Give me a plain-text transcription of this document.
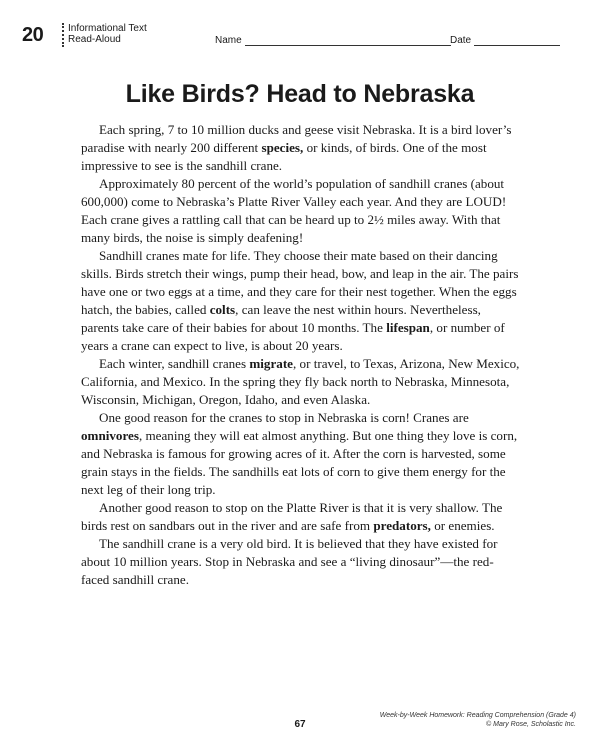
20 Informational Text
Read-Aloud	Name	Date
Like Birds? Head to Nebraska

Each spring, 7 to 10 million ducks and geese visit Nebraska. It is a bird lover’s paradise with nearly 200 different species, or kinds, of birds. One of the most impressive to see is the sandhill crane.

Approximately 80 percent of the world’s population of sandhill cranes (about 600,000) come to Nebraska’s Platte River Valley each year. And they are LOUD! Each crane gives a rattling call that can be heard up to 2½ miles away. With that many birds, the noise is simply deafening!

Sandhill cranes mate for life. They choose their mate based on their dancing skills. Birds stretch their wings, pump their head, bow, and leap in the air. The pairs have one or two eggs at a time, and they care for their nest together. When the eggs hatch, the babies, called colts, can leave the nest within hours. Nevertheless, parents take care of their babies for about 10 months. The lifespan, or number of years a crane can expect to live, is about 20 years.

Each winter, sandhill cranes migrate, or travel, to Texas, Arizona, New Mexico, California, and Mexico. In the spring they fly back north to Nebraska, Minnesota, Wisconsin, Michigan, Oregon, Idaho, and even Alaska.

One good reason for the cranes to stop in Nebraska is corn! Cranes are omnivores, meaning they will eat almost anything. But one thing they love is corn, and Nebraska is famous for growing acres of it. After the corn is harvested, some grain stays in the fields. The sandhills eat lots of corn to give them energy for the next leg of their long trip.

Another good reason to stop on the Platte River is that it is very shallow. The birds rest on sandbars out in the river and are safe from predators, or enemies.

The sandhill crane is a very old bird. It is believed that they have existed for about 10 million years. Stop in Nebraska and see a “living dinosaur”—the red-faced sandhill crane.

67
Week-by-Week Homework: Reading Comprehension (Grade 4)
© Mary Rose, Scholastic Inc.
